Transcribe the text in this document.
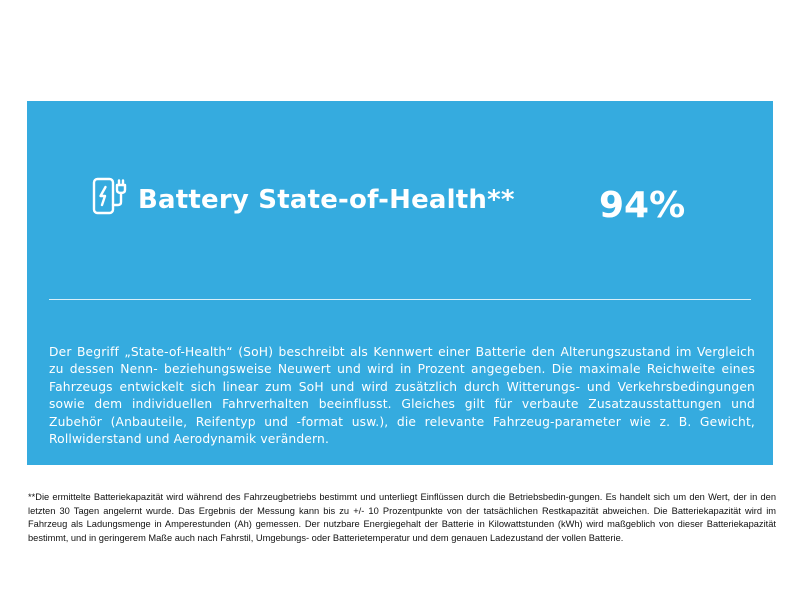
Battery State-of-Health** 94%

Der Begriff „State-of-Health“ (SoH) beschreibt als Kennwert einer Batterie den Alterungszustand im Vergleich zu dessen Nenn- beziehungsweise Neuwert und wird in Prozent angegeben. Die maximale Reichweite eines Fahrzeugs entwickelt sich linear zum SoH und wird zusätzlich durch Witterungs- und Verkehrsbedingungen sowie dem individuellen Fahrverhalten beeinflusst. Gleiches gilt für verbaute Zusatzausstattungen und Zubehör (Anbauteile, Reifentyp und -format usw.), die relevante Fahrzeug-parameter wie z. B. Gewicht, Rollwiderstand und Aerodynamik verändern.

**Die ermittelte Batteriekapazität wird während des Fahrzeugbetriebs bestimmt und unterliegt Einflüssen durch die Betriebsbedin-gungen. Es handelt sich um den Wert, der in den letzten 30 Tagen angelernt wurde. Das Ergebnis der Messung kann bis zu +/- 10 Prozentpunkte von der tatsächlichen Restkapazität abweichen. Die Batteriekapazität wird im Fahrzeug als Ladungsmenge in Amperestunden (Ah) gemessen. Der nutzbare Energiegehalt der Batterie in Kilowattstunden (kWh) wird maßgeblich von dieser Batteriekapazität bestimmt, und in geringerem Maße auch nach Fahrstil, Umgebungs- oder Batterietemperatur und dem genauen Ladezustand der vollen Batterie.
